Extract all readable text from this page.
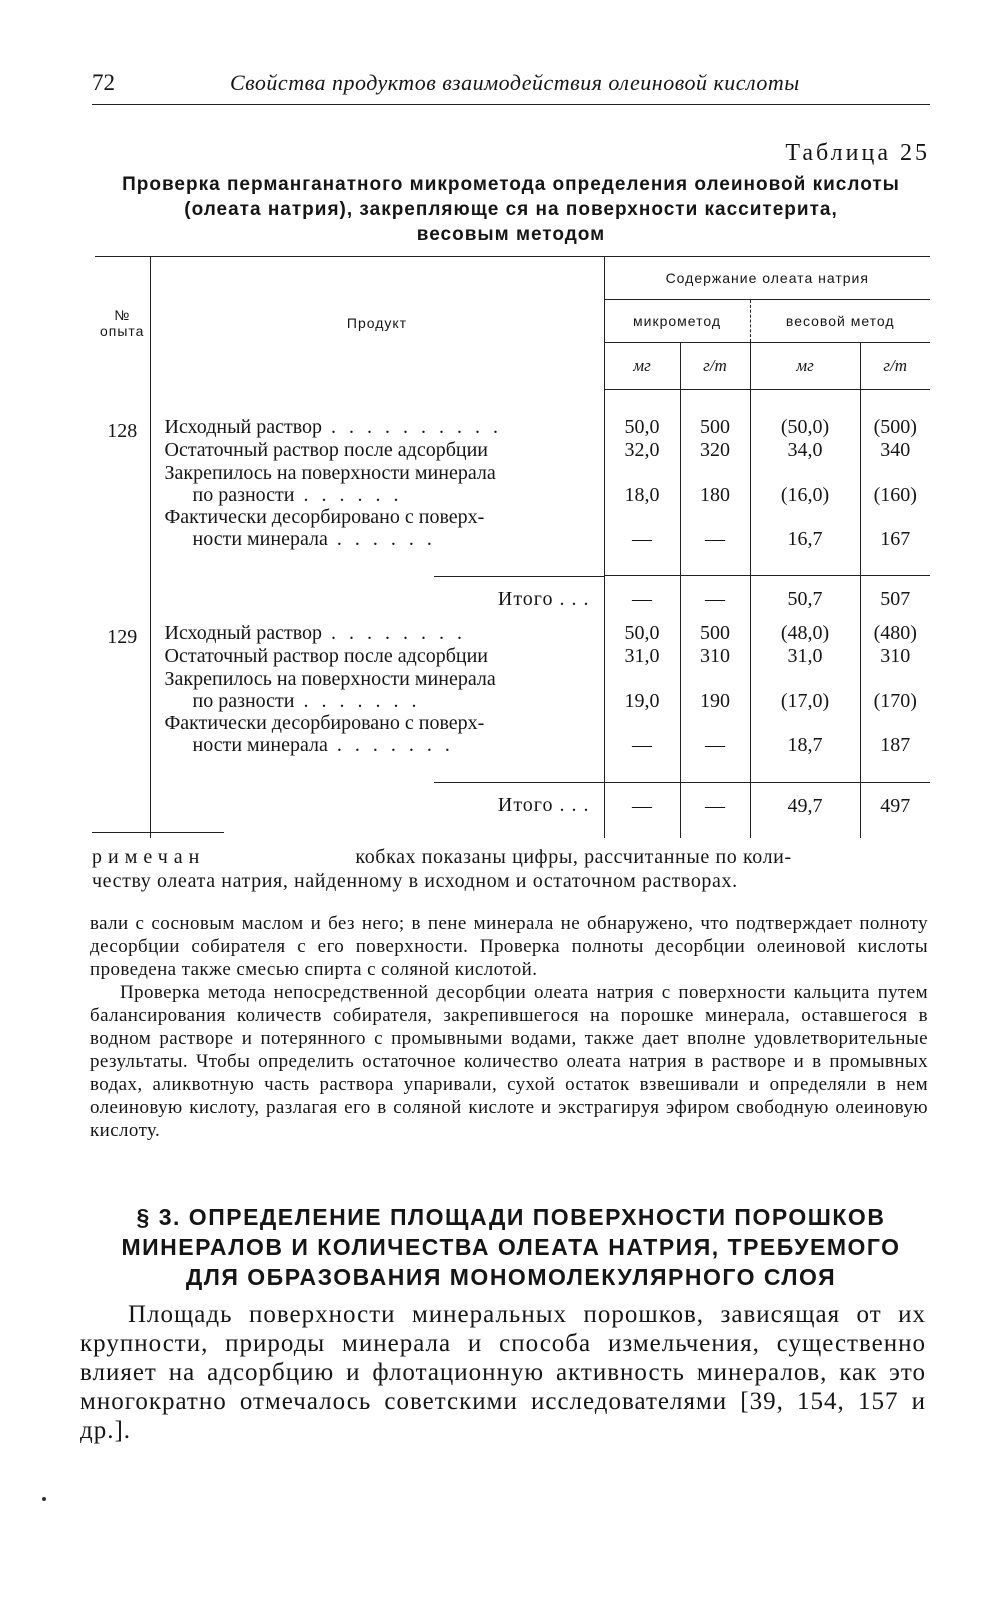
72	Свойства продуктов взаимодействия олеиновой кислоты
Таблица 25
Проверка перманганатного микрометода определения олеиновой кислоты
(олеата натрия), закрепляюще ся на поверхности касситерита,
весовым методом
№
опыта	Продукт	Содержание олеата натрия			
		микрометод		весовой метод	
		мг	г/т	мг	г/т

128	Исходный раствор . . . . . . . . . .	50,0	500	(50,0)	(500)

	Остаточный раствор после адсорбции	32,0	320	34,0	340

	Закрепилось на поверхности минерала
по разности . . . . . .	18,0	180	(16,0)	(160)

	Фактически десорбировано с поверх-
ности минерала . . . . . .	—	—	16,7	167

	Итого . . .	—	—	50,7	507
129	Исходный раствор . . . . . . . .	50,0	500	(48,0)	(480)

	Остаточный раствор после адсорбции	31,0	310	31,0	310

	Закрепилось на поверхности минерала
по разности . . . . . . .	19,0	190	(17,0)	(170)

	Фактически десорбировано с поверх-
ности минерала . . . . . . .	—	—	18,7	187

	Итого . . .	—	—	49,7	497
римечан	кобках показаны цифры, рассчитанные по коли-
честву олеата натрия, найденному в исходном и остаточном растворах.

вали с сосновым маслом и без него; в пене минерала не обнаружено, что подтверждает полноту десорбции собирателя с его поверхности. Проверка полноты десорбции олеиновой кислоты проведена также смесью спирта с соляной кислотой.

Проверка метода непосредственной десорбции олеата натрия с поверхности кальцита путем балансирования количеств собирателя, закрепившегося на порошке минерала, оставшегося в водном растворе и потерянного с промывными водами, также дает вполне удовлетворительные результаты. Чтобы определить остаточное количество олеата натрия в растворе и в промывных водах, аликвотную часть раствора упаривали, сухой остаток взвешивали и определяли в нем олеиновую кислоту, разлагая его в соляной кислоте и экстрагируя эфиром свободную олеиновую кислоту.

§ 3. ОПРЕДЕЛЕНИЕ ПЛОЩАДИ ПОВЕРХНОСТИ ПОРОШКОВ
МИНЕРАЛОВ И КОЛИЧЕСТВА ОЛЕАТА НАТРИЯ, ТРЕБУЕМОГО
ДЛЯ ОБРАЗОВАНИЯ МОНОМОЛЕКУЛЯРНОГО СЛОЯ

Площадь поверхности минеральных порошков, зависящая от их крупности, природы минерала и способа измельчения, существенно влияет на адсорбцию и флотационную активность минералов, как это многократно отмечалось советскими исследователями [39, 154, 157 и др.].
